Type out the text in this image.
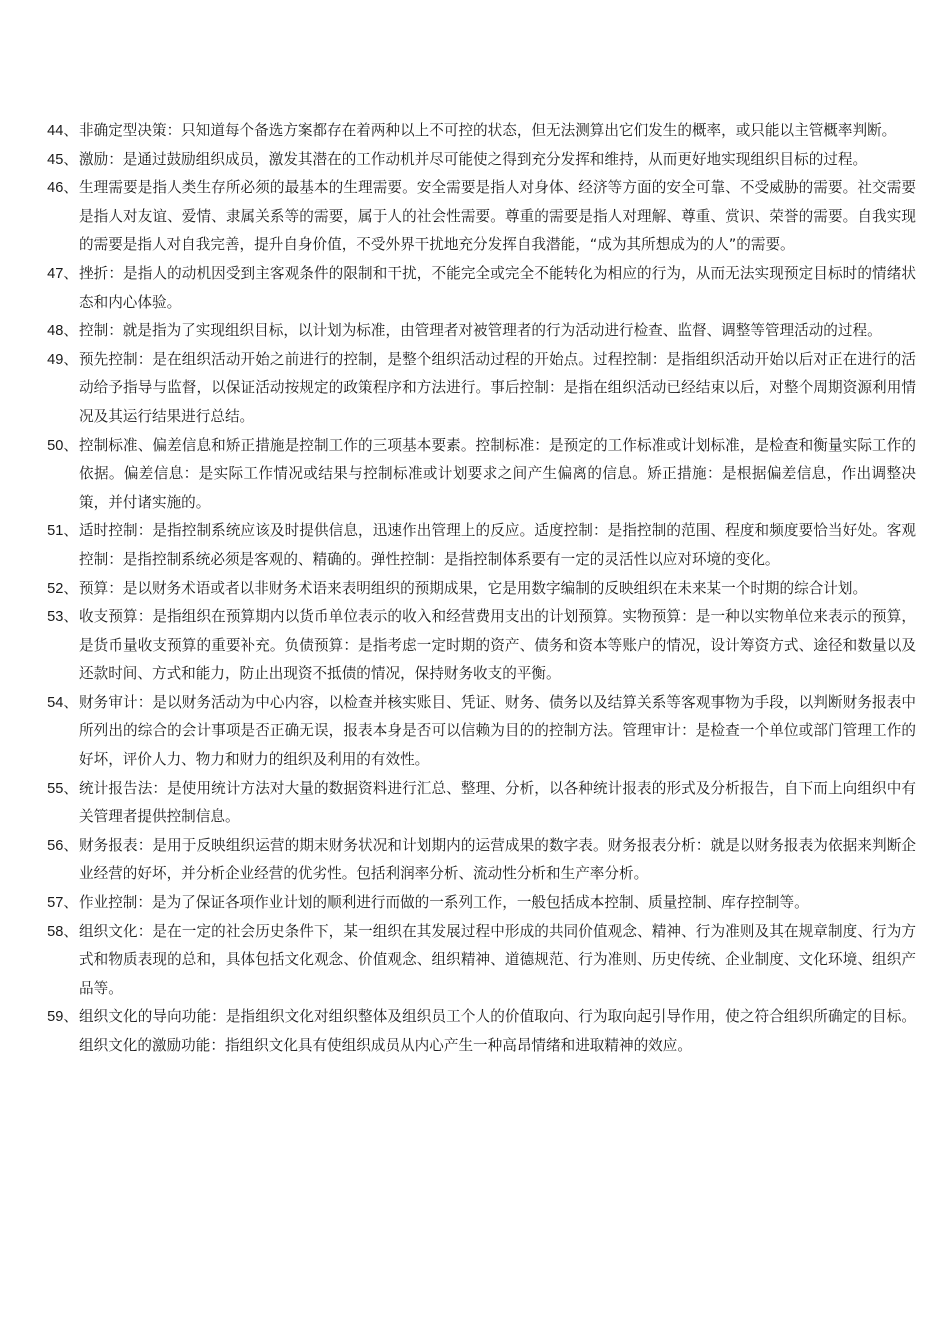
44、 非确定型决策：只知道每个备选方案都存在着两种以上不可控的状态，但无法测算出它们发生的概率，或只能以主管概率判断。
45、 激励：是通过鼓励组织成员，激发其潜在的工作动机并尽可能使之得到充分发挥和维持，从而更好地实现组织目标的过程。
46、 生理需要是指人类生存所必须的最基本的生理需要。安全需要是指人对身体、经济等方面的安全可靠、不受威胁的需要。社交需要是指人对友谊、爱情、隶属关系等的需要，属于人的社会性需要。尊重的需要是指人对理解、尊重、赏识、荣誉的需要。自我实现的需要是指人对自我完善，提升自身价值，不受外界干扰地充分发挥自我潜能，“成为其所想成为的人”的需要。
47、 挫折：是指人的动机因受到主客观条件的限制和干扰，不能完全或完全不能转化为相应的行为，从而无法实现预定目标时的情绪状态和内心体验。
48、 控制：就是指为了实现组织目标，以计划为标准，由管理者对被管理者的行为活动进行检查、监督、调整等管理活动的过程。
49、 预先控制：是在组织活动开始之前进行的控制，是整个组织活动过程的开始点。过程控制：是指组织活动开始以后对正在进行的活动给予指导与监督，以保证活动按规定的政策程序和方法进行。事后控制：是指在组织活动已经结束以后，对整个周期资源利用情况及其运行结果进行总结。
50、 控制标准、偏差信息和矫正措施是控制工作的三项基本要素。控制标准：是预定的工作标准或计划标准，是检查和衡量实际工作的依据。偏差信息：是实际工作情况或结果与控制标准或计划要求之间产生偏离的信息。矫正措施：是根据偏差信息，作出调整决策，并付诸实施的。
51、 适时控制：是指控制系统应该及时提供信息，迅速作出管理上的反应。适度控制：是指控制的范围、程度和频度要恰当好处。客观控制：是指控制系统必须是客观的、精确的。弹性控制：是指控制体系要有一定的灵活性以应对环境的变化。
52、 预算：是以财务术语或者以非财务术语来表明组织的预期成果，它是用数字编制的反映组织在未来某一个时期的综合计划。
53、 收支预算：是指组织在预算期内以货币单位表示的收入和经营费用支出的计划预算。实物预算：是一种以实物单位来表示的预算，是货币量收支预算的重要补充。负债预算：是指考虑一定时期的资产、债务和资本等账户的情况，设计筹资方式、途径和数量以及还款时间、方式和能力，防止出现资不抵债的情况，保持财务收支的平衡。
54、 财务审计：是以财务活动为中心内容，以检查并核实账目、凭证、财务、债务以及结算关系等客观事物为手段，以判断财务报表中所列出的综合的会计事项是否正确无误，报表本身是否可以信赖为目的的控制方法。管理审计：是检查一个单位或部门管理工作的好坏，评价人力、物力和财力的组织及利用的有效性。
55、 统计报告法：是使用统计方法对大量的数据资料进行汇总、整理、分析，以各种统计报表的形式及分析报告，自下而上向组织中有关管理者提供控制信息。
56、 财务报表：是用于反映组织运营的期末财务状况和计划期内的运营成果的数字表。财务报表分析：就是以财务报表为依据来判断企业经营的好坏，并分析企业经营的优劣性。包括利润率分析、流动性分析和生产率分析。
57、 作业控制：是为了保证各项作业计划的顺利进行而做的一系列工作，一般包括成本控制、质量控制、库存控制等。
58、 组织文化：是在一定的社会历史条件下，某一组织在其发展过程中形成的共同价值观念、精神、行为准则及其在规章制度、行为方式和物质表现的总和，具体包括文化观念、价值观念、组织精神、道德规范、行为准则、历史传统、企业制度、文化环境、组织产品等。
59、 组织文化的导向功能：是指组织文化对组织整体及组织员工个人的价值取向、行为取向起引导作用，使之符合组织所确定的目标。组织文化的激励功能：指组织文化具有使组织成员从内心产生一种高昂情绪和进取精神的效应。
